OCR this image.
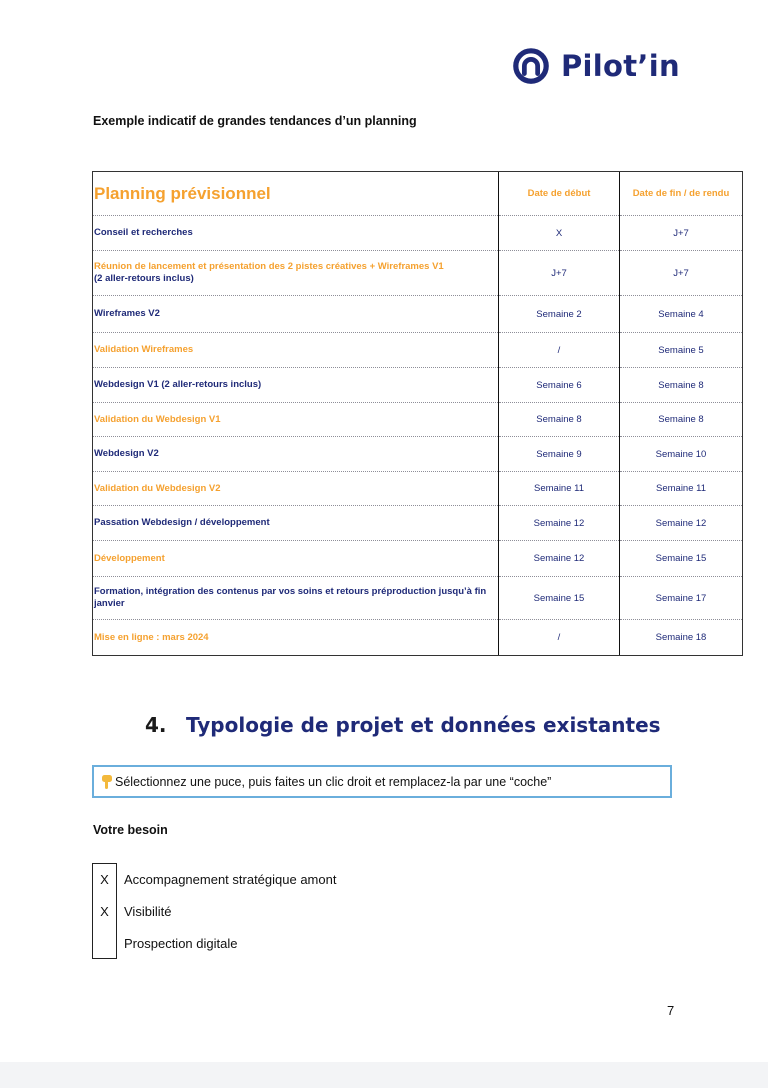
Pilot’in
Exemple indicatif de grandes tendances d’un planning
Planning prévisionnel	Date de début	Date de fin / de rendu

Conseil et recherches	X	J+7

Réunion de lancement et présentation des 2 pistes créatives + Wireframes V1
(2 aller-retours inclus)	J+7	J+7

Wireframes V2	Semaine 2	Semaine 4

Validation Wireframes	/	Semaine 5

Webdesign V1 (2 aller-retours inclus)	Semaine 6	Semaine 8

Validation du Webdesign V1	Semaine 8	Semaine 8

Webdesign V2	Semaine 9	Semaine 10

Validation du Webdesign V2	Semaine 11	Semaine 11

Passation Webdesign / développement	Semaine 12	Semaine 12

Développement	Semaine 12	Semaine 15

Formation, intégration des contenus par vos soins et retours préproduction jusqu’à fin janvier	Semaine 15	Semaine 17

Mise en ligne : mars 2024	/	Semaine 18
4. Typologie de projet et données existantes
Sélectionnez une puce, puis faites un clic droit et remplacez-la par une “coche”
Votre besoin
X	Accompagnement stratégique amont
X	Visibilité
Prospection digitale
7
